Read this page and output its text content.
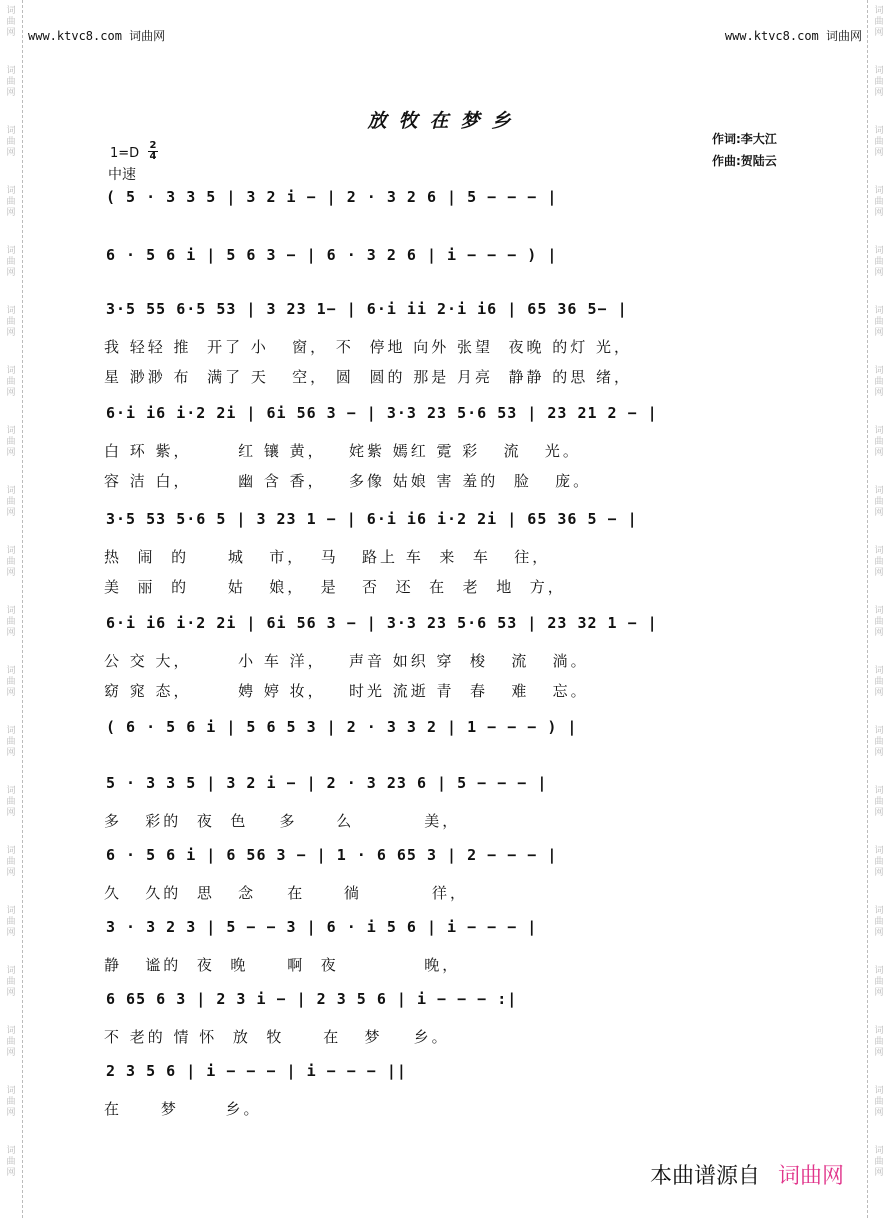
词
曲
网
词
曲
网
词
曲
网
词
曲
网
词
曲
网
词
曲
网
词
曲
网
词
曲
网
词
曲
网
词
曲
网
词
曲
网
词
曲
网
词
曲
网
词
曲
网
词
曲
网
词
曲
网
词
曲
网
词
曲
网
词
曲
网
词
曲
网
词
曲
网
词
曲
网
词
曲
网
词
曲
网
词
曲
网
词
曲
网
词
曲
网
词
曲
网
词
曲
网
词
曲
网
词
曲
网
词
曲
网
词
曲
网
词
曲
网
词
曲
网
词
曲
网
词
曲
网
词
曲
网
词
曲
网
词
曲
网
www.ktvc8.com 词曲网	www.ktvc8.com 词曲网
放牧在梦乡
作词:李大江
作曲:贺陆云
1=D
2
4
中速
( 5 · 3 3 5 | 3 2 i − | 2 · 3 2 6 | 5 − − − |
6 · 5 6 i | 5 6 3 − | 6 · 3 2 6 | i − − − ) |
3·5 55 6·5 53 | 3 23 1− | 6·i ii 2·i i6 | 65 36 5− |
我 轻轻 推  开了 小   窗， 不  停地 向外 张望  夜晚 的灯 光，
星 渺渺 布  满了 天   空， 圆  圆的 那是 月亮  静静 的思 绪，
6·i i6 i·2 2i | 6i 56 3 − | 3·3 23 5·6 53 | 23 21 2 − |
白 环 紫，      红 镶 黄，   姹紫 嫣红 霓 彩   流   光。
容 洁 白，      幽 含 香，   多像 姑娘 害 羞的  脸   庞。
3·5 53 5·6 5 | 3 23 1 − | 6·i i6 i·2 2i | 65 36 5 − |
热  闹  的     城   市，  马   路上 车  来  车   往，
美  丽  的     姑   娘，  是   否  还  在  老  地  方，
6·i i6 i·2 2i | 6i 56 3 − | 3·3 23 5·6 53 | 23 32 1 − |
公 交 大，      小 车 洋，   声音 如织 穿  梭   流   淌。
窈 窕 态，      娉 婷 妆，   时光 流逝 青  春   难   忘。
( 6 · 5 6 i | 5 6 5 3 | 2 · 3 3 2 | 1 − − − ) |
5 · 3 3 5 | 3 2 i − | 2 · 3 23 6 | 5 − − − |
多   彩的  夜  色    多     么         美，
6 · 5 6 i | 6 56 3 − | 1 · 6 65 3 | 2 − − − |
久   久的  思   念    在     徜         徉，
3 · 3 2 3 | 5 − − 3 | 6 · i 5 6 | i − − − |
静   谧的  夜  晚     啊  夜           晚，
6 65 6 3 | 2 3 i − | 2 3 5 6 | i − − − :|
不 老的 情 怀  放  牧     在   梦    乡。
2 3 5 6 | i − − − | i − − − ||
在     梦      乡。
本曲谱源自 词曲网
